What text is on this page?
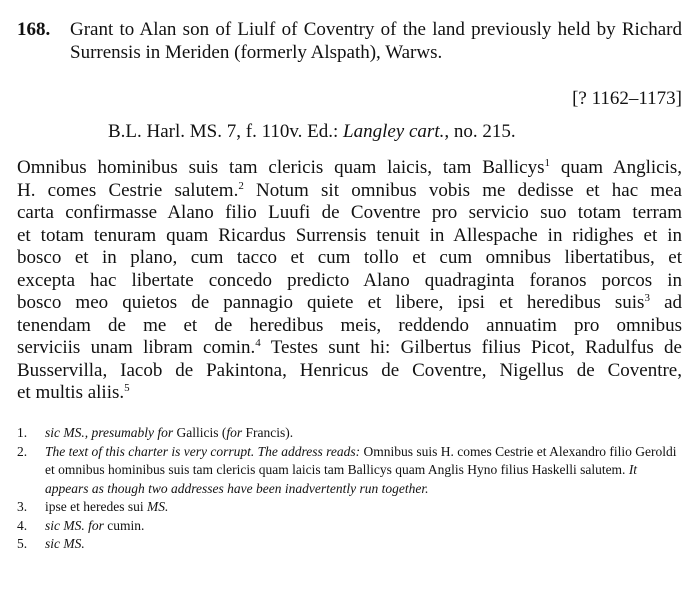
168. Grant to Alan son of Liulf of Coventry of the land previously held by Richard Surrensis in Meriden (formerly Alspath), Warws.
[? 1162–1173]
B.L. Harl. MS. 7, f. 110v. Ed.: Langley cart., no. 215.
Omnibus hominibus suis tam clericis quam laicis, tam Ballicys$^1$ quam Anglicis,
H. comes Cestrie salutem.$^2$ Notum sit omnibus vobis me dedisse et hac mea
carta confirmasse Alano filio Luufi de Coventre pro servicio suo totam terram
et totam tenuram quam Ricardus Surrensis tenuit in Allespache in ridighes et in
bosco et in plano, cum tacco et cum tollo et cum omnibus libertatibus, et
excepta hac libertate concedo predicto Alano quadraginta foranos porcos in
bosco meo quietos de pannagio quiete et libere, ipsi et heredibus suis$^3$ ad
tenendam de me et de heredibus meis, reddendo annuatim pro omnibus
serviciis unam libram comin.$^4$ Testes sunt hi: Gilbertus filius Picot, Radulfus de
Busservilla, Iacob de Pakintona, Henricus de Coventre, Nigellus de Coventre,
et multis aliis.$^5$
1. sic MS., presumably for Gallicis (for Francis).
2. The text of this charter is very corrupt. The address reads: Omnibus suis H. comes Cestrie et Alexandro filio Geroldi et omnibus hominibus suis tam clericis quam laicis tam Ballicys quam Anglis Hyno filius Haskelli salutem. It appears as though two addresses have been inadvertently run together.
3. ipse et heredes sui MS.
4. sic MS. for cumin.
5. sic MS.
